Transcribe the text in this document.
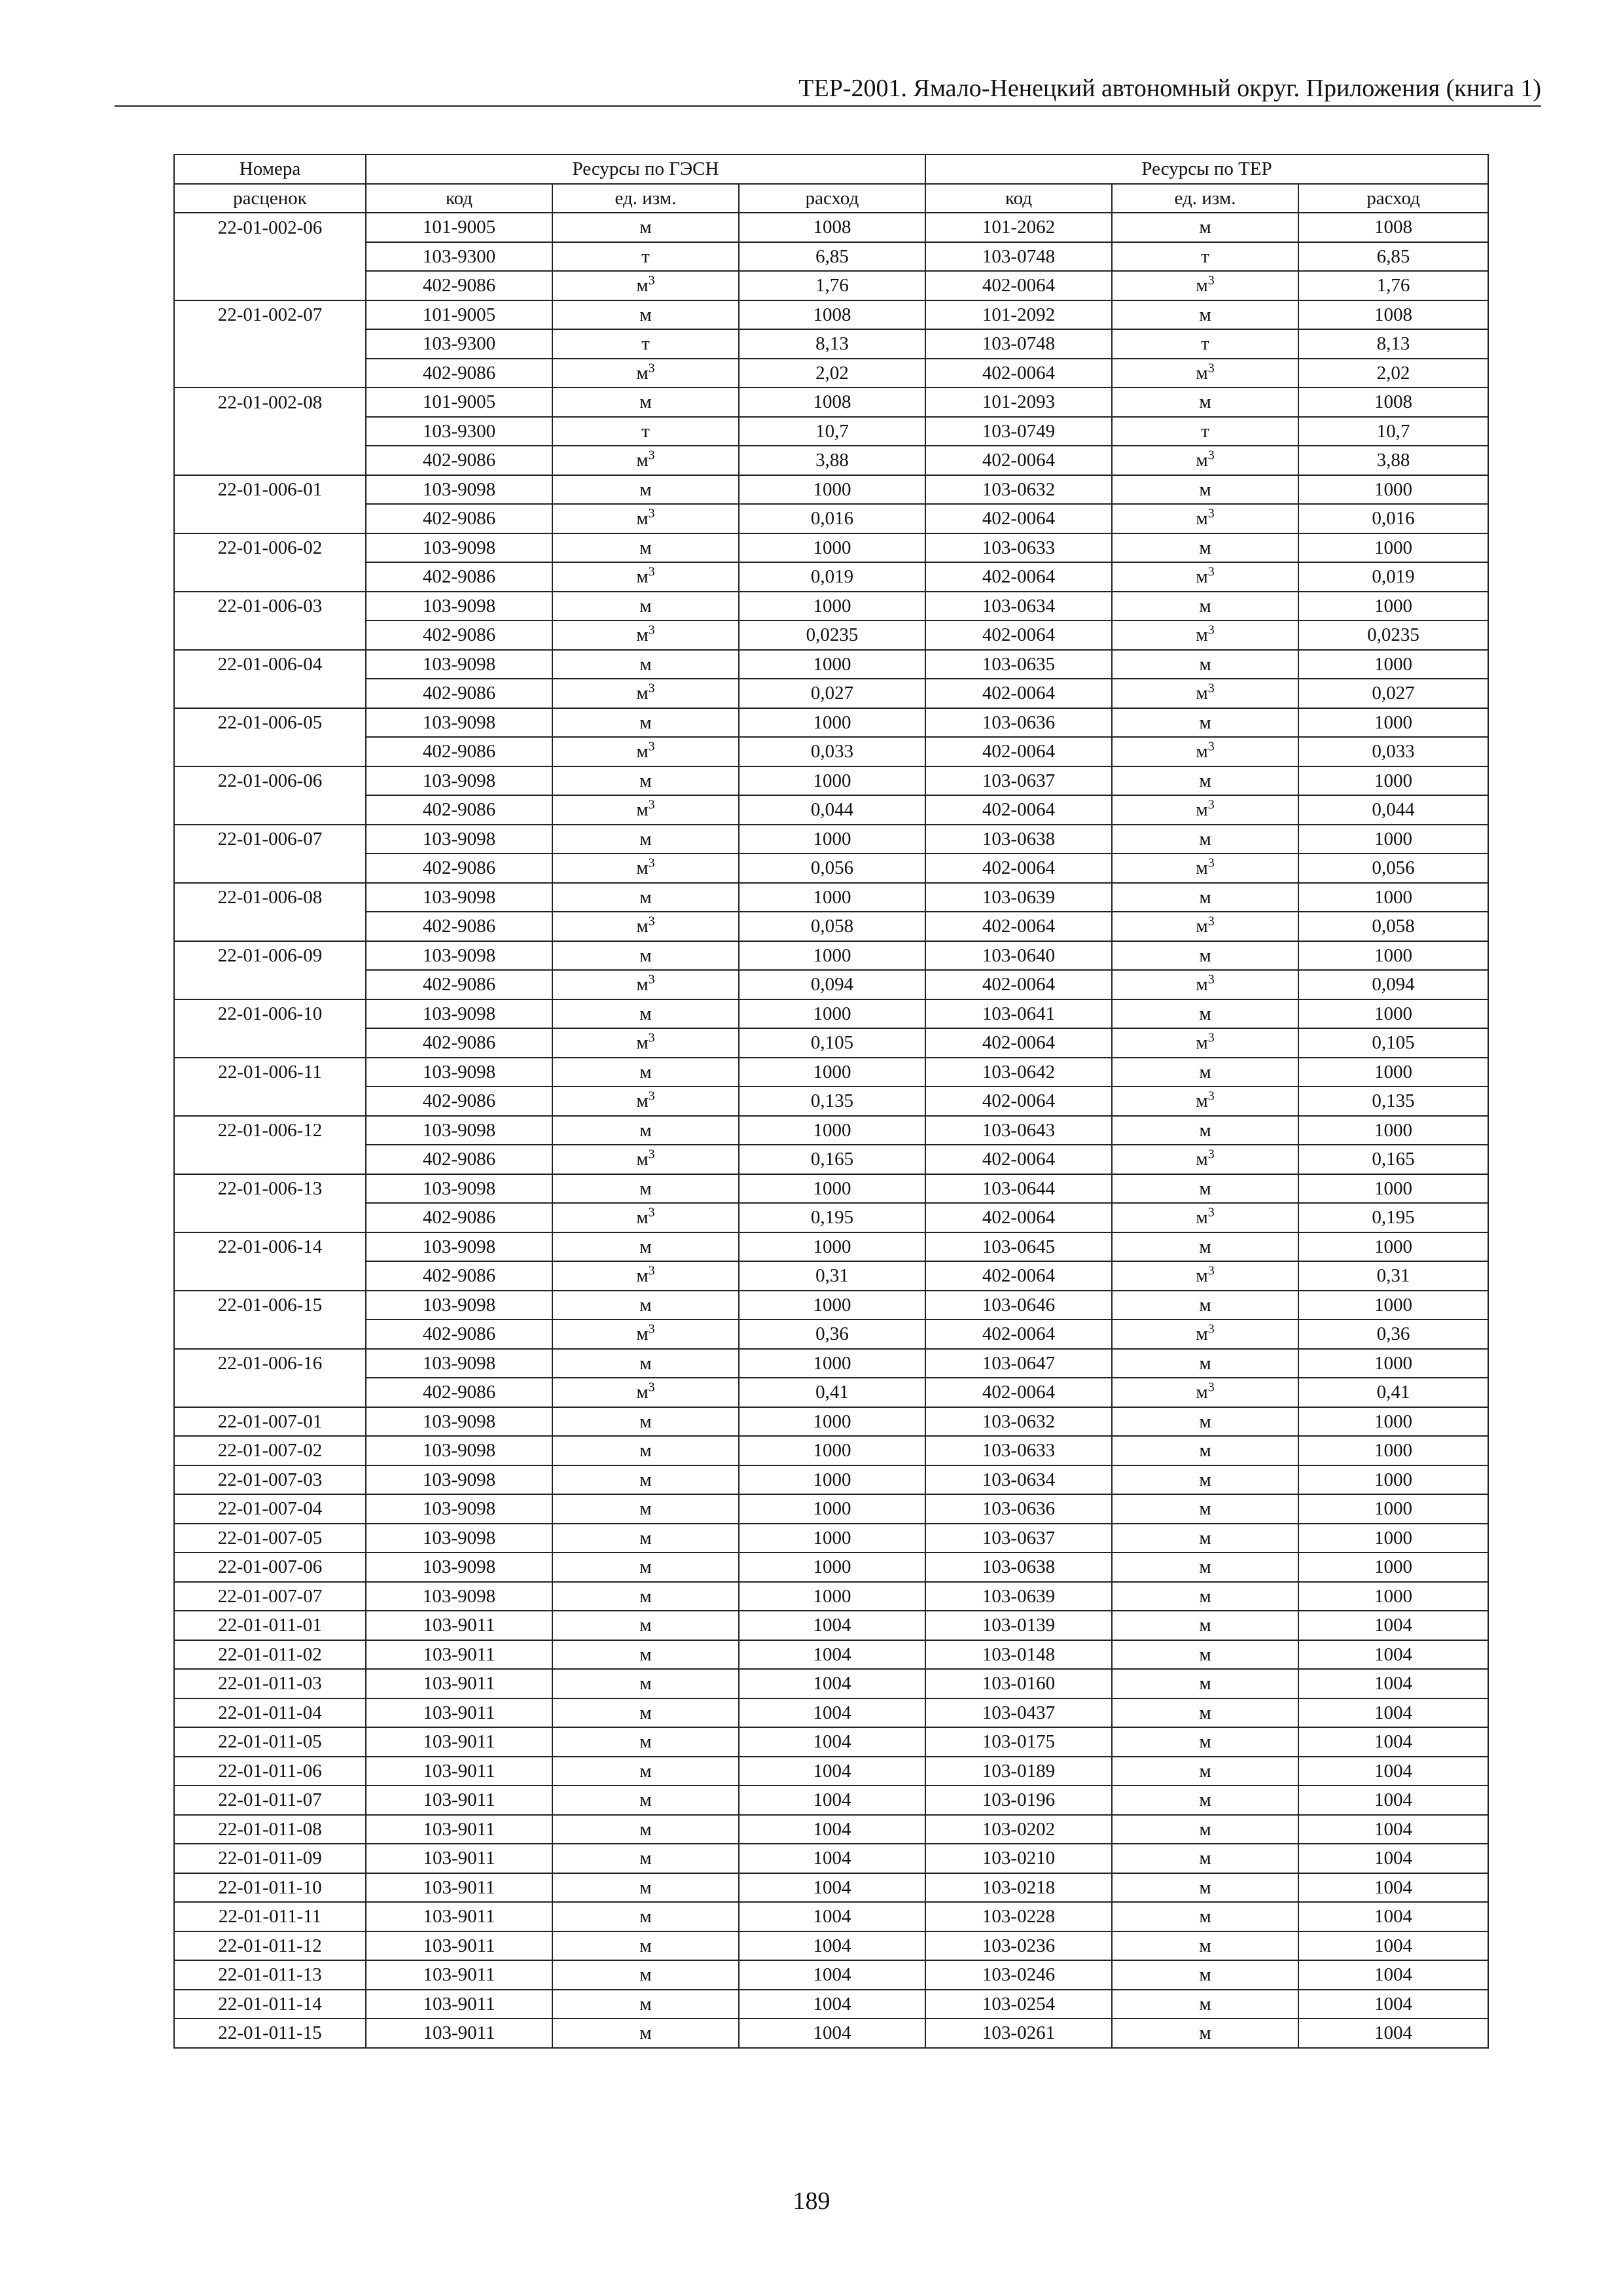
ТЕР-2001. Ямало-Ненецкий автономный округ. Приложения (книга 1)
Номера	Ресурсы по ГЭСН			Ресурсы по ТЕР		
расценок	код	ед. изм.	расход	код	ед. изм.	расход
22-01-002-06	101-9005	м	1008	101-2062	м	1008
	103-9300	т	6,85	103-0748	т	6,85
	402-9086	$м^3$	1,76	402-0064	$м^3$	1,76
22-01-002-07	101-9005	м	1008	101-2092	м	1008
	103-9300	т	8,13	103-0748	т	8,13
	402-9086	$м^3$	2,02	402-0064	$м^3$	2,02
22-01-002-08	101-9005	м	1008	101-2093	м	1008
	103-9300	т	10,7	103-0749	т	10,7
	402-9086	$м^3$	3,88	402-0064	$м^3$	3,88
22-01-006-01	103-9098	м	1000	103-0632	м	1000
	402-9086	$м^3$	0,016	402-0064	$м^3$	0,016
22-01-006-02	103-9098	м	1000	103-0633	м	1000
	402-9086	$м^3$	0,019	402-0064	$м^3$	0,019
22-01-006-03	103-9098	м	1000	103-0634	м	1000
	402-9086	$м^3$	0,0235	402-0064	$м^3$	0,0235
22-01-006-04	103-9098	м	1000	103-0635	м	1000
	402-9086	$м^3$	0,027	402-0064	$м^3$	0,027
22-01-006-05	103-9098	м	1000	103-0636	м	1000
	402-9086	$м^3$	0,033	402-0064	$м^3$	0,033
22-01-006-06	103-9098	м	1000	103-0637	м	1000
	402-9086	$м^3$	0,044	402-0064	$м^3$	0,044
22-01-006-07	103-9098	м	1000	103-0638	м	1000
	402-9086	$м^3$	0,056	402-0064	$м^3$	0,056
22-01-006-08	103-9098	м	1000	103-0639	м	1000
	402-9086	$м^3$	0,058	402-0064	$м^3$	0,058
22-01-006-09	103-9098	м	1000	103-0640	м	1000
	402-9086	$м^3$	0,094	402-0064	$м^3$	0,094
22-01-006-10	103-9098	м	1000	103-0641	м	1000
	402-9086	$м^3$	0,105	402-0064	$м^3$	0,105
22-01-006-11	103-9098	м	1000	103-0642	м	1000
	402-9086	$м^3$	0,135	402-0064	$м^3$	0,135
22-01-006-12	103-9098	м	1000	103-0643	м	1000
	402-9086	$м^3$	0,165	402-0064	$м^3$	0,165
22-01-006-13	103-9098	м	1000	103-0644	м	1000
	402-9086	$м^3$	0,195	402-0064	$м^3$	0,195
22-01-006-14	103-9098	м	1000	103-0645	м	1000
	402-9086	$м^3$	0,31	402-0064	$м^3$	0,31
22-01-006-15	103-9098	м	1000	103-0646	м	1000
	402-9086	$м^3$	0,36	402-0064	$м^3$	0,36
22-01-006-16	103-9098	м	1000	103-0647	м	1000
	402-9086	$м^3$	0,41	402-0064	$м^3$	0,41
22-01-007-01	103-9098	м	1000	103-0632	м	1000
22-01-007-02	103-9098	м	1000	103-0633	м	1000
22-01-007-03	103-9098	м	1000	103-0634	м	1000
22-01-007-04	103-9098	м	1000	103-0636	м	1000
22-01-007-05	103-9098	м	1000	103-0637	м	1000
22-01-007-06	103-9098	м	1000	103-0638	м	1000
22-01-007-07	103-9098	м	1000	103-0639	м	1000
22-01-011-01	103-9011	м	1004	103-0139	м	1004
22-01-011-02	103-9011	м	1004	103-0148	м	1004
22-01-011-03	103-9011	м	1004	103-0160	м	1004
22-01-011-04	103-9011	м	1004	103-0437	м	1004
22-01-011-05	103-9011	м	1004	103-0175	м	1004
22-01-011-06	103-9011	м	1004	103-0189	м	1004
22-01-011-07	103-9011	м	1004	103-0196	м	1004
22-01-011-08	103-9011	м	1004	103-0202	м	1004
22-01-011-09	103-9011	м	1004	103-0210	м	1004
22-01-011-10	103-9011	м	1004	103-0218	м	1004
22-01-011-11	103-9011	м	1004	103-0228	м	1004
22-01-011-12	103-9011	м	1004	103-0236	м	1004
22-01-011-13	103-9011	м	1004	103-0246	м	1004
22-01-011-14	103-9011	м	1004	103-0254	м	1004
22-01-011-15	103-9011	м	1004	103-0261	м	1004
189
